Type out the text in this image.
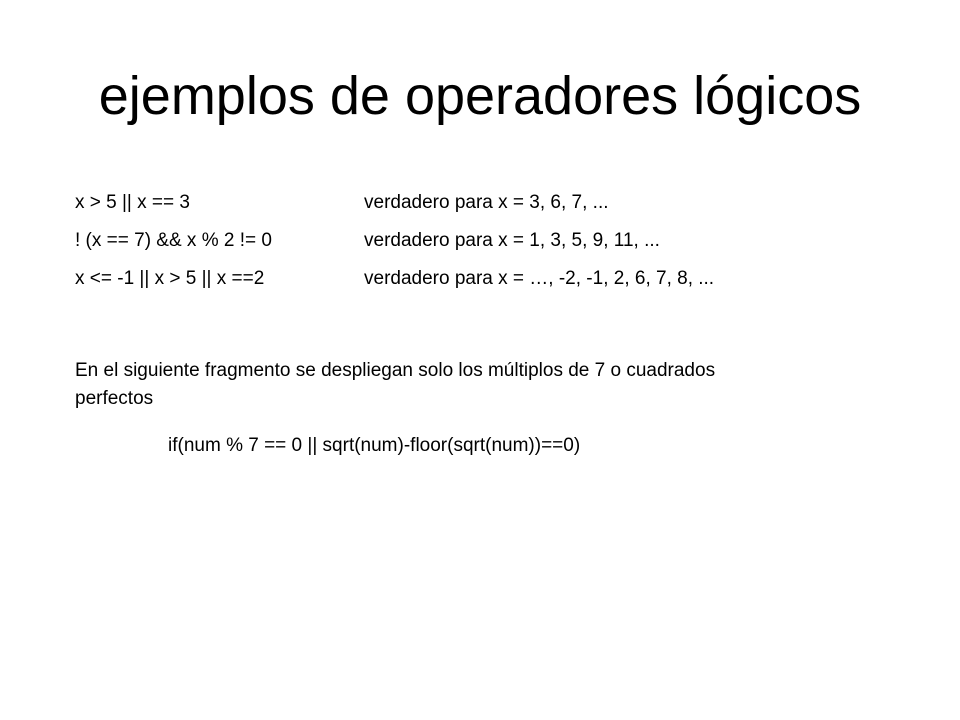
ejemplos de operadores lógicos
x > 5 || x == 3	verdadero para x = 3, 6, 7, ...
! (x == 7) && x % 2 != 0	verdadero para x = 1, 3, 5, 9, 11, ...
x <= -1 || x > 5 || x ==2	verdadero para x = …, -2, -1, 2, 6, 7, 8, ...
En el siguiente fragmento se despliegan solo los múltiplos de 7 o cuadrados perfectos
if(num % 7 == 0 || sqrt(num)-floor(sqrt(num))==0)
